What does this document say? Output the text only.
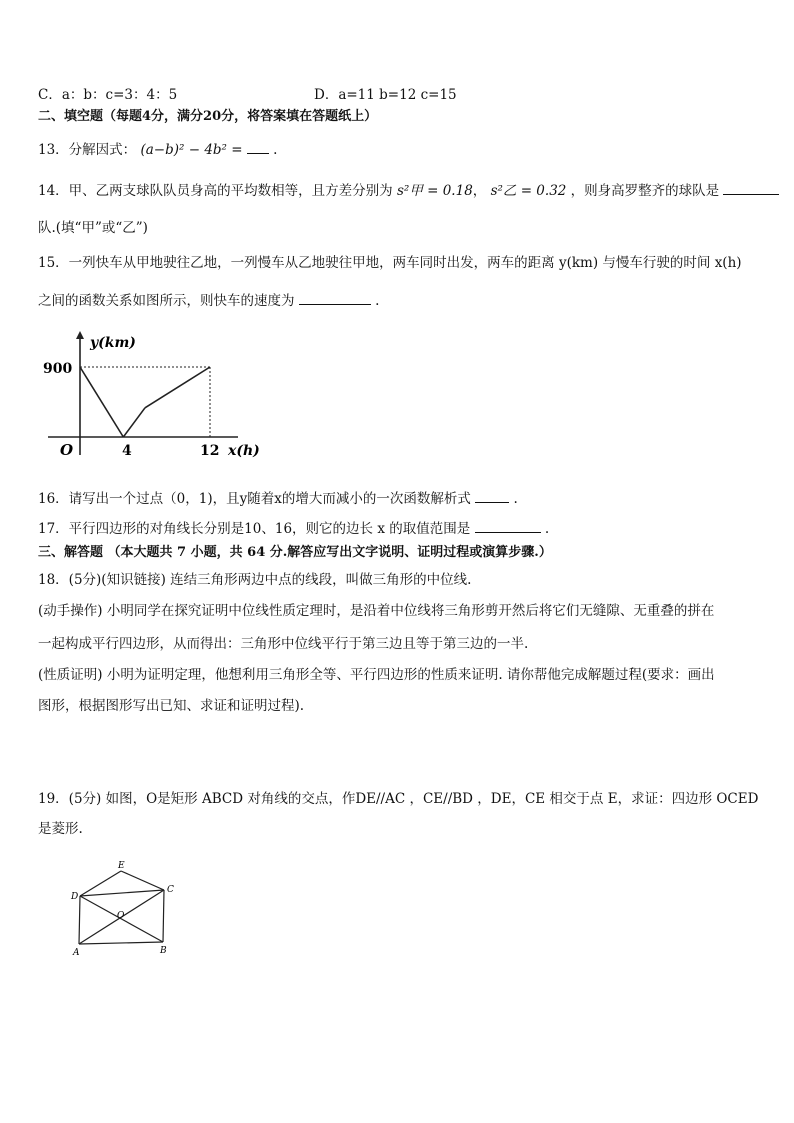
C．a：b：c=3：4：5	D．a=11 b=12 c=15
二、填空题（每题4分，满分20分，将答案填在答题纸上）
13．分解因式： (a−b)² − 4b² = .
14．甲、乙两支球队队员身高的平均数相等，且方差分别为 s²甲 = 0.18， s²乙 = 0.32 ，则身高罗整齐的球队是
队.(填“甲”或“乙”)
15．一列快车从甲地驶往乙地，一列慢车从乙地驶往甲地，两车同时出发，两车的距离 y(km) 与慢车行驶的时间 x(h)
之间的函数关系如图所示，则快车的速度为	.
y(km)
x(h)
O
900
4	12
16．请写出一个过点（0，1)，且y随着x的增大而减小的一次函数解析式	.
17．平行四边形的对角线长分别是10、16，则它的边长 x 的取值范围是	.
三、解答题 （本大题共 7 小题，共 64 分.解答应写出文字说明、证明过程或演算步骤.）
18．(5分)(知识链接) 连结三角形两边中点的线段，叫做三角形的中位线.
(动手操作) 小明同学在探究证明中位线性质定理时，是沿着中位线将三角形剪开然后将它们无缝隙、无重叠的拼在
一起构成平行四边形，从而得出：三角形中位线平行于第三边且等于第三边的一半.
(性质证明) 小明为证明定理，他想利用三角形全等、平行四边形的性质来证明. 请你帮他完成解题过程(要求：画出
图形，根据图形写出已知、求证和证明过程).
19．(5分) 如图，O是矩形 ABCD 对角线的交点，作DE//AC ，CE//BD ，DE，CE 相交于点 E，求证：四边形 OCED
是菱形.
E
D
C
O
A	B
